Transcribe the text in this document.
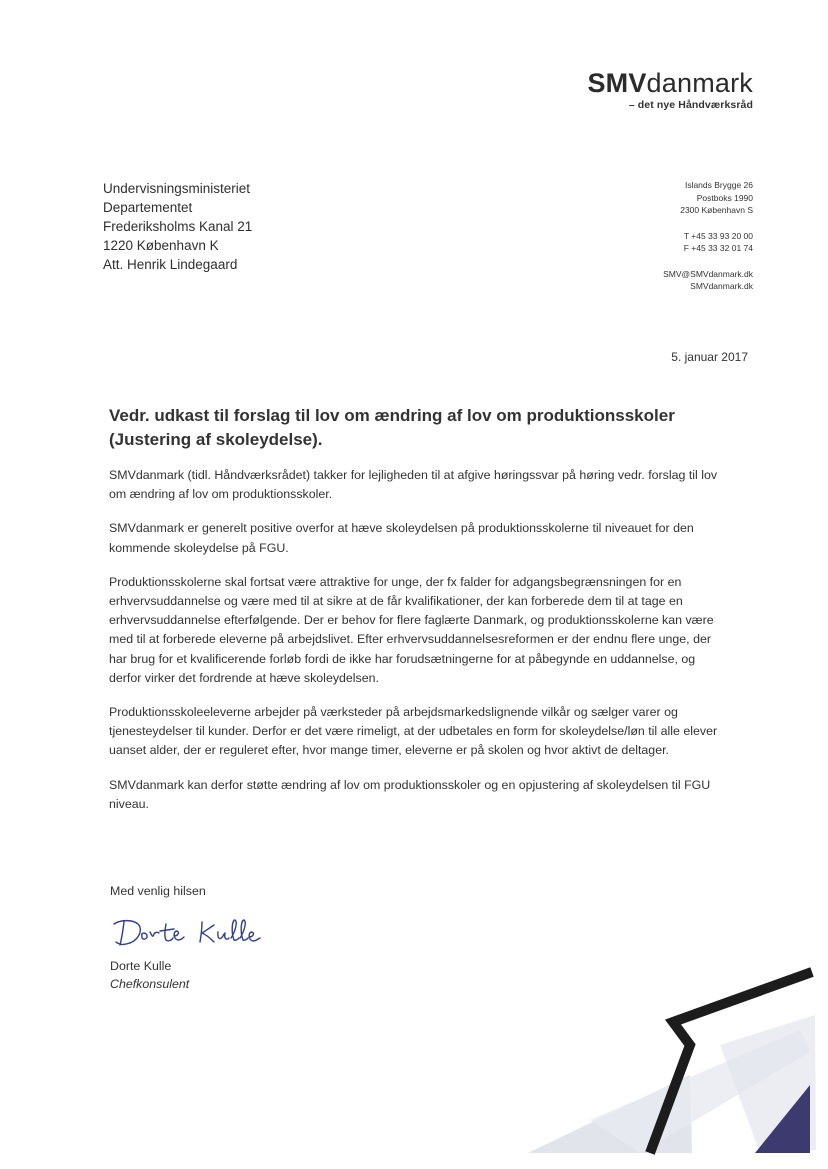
SMVdanmark
– det nye Håndværksråd
Undervisningsministeriet
Departementet
Frederiksholms Kanal 21
1220 København K
Att. Henrik Lindegaard
Islands Brygge 26
Postboks 1990
2300 København S
T +45 33 93 20 00
F +45 33 32 01 74
SMV@SMVdanmark.dk
SMVdanmark.dk
5. januar 2017
Vedr. udkast til forslag til lov om ændring af lov om produktionsskoler (Justering af skoleydelse).

SMVdanmark (tidl. Håndværksrådet) takker for lejligheden til at afgive høringssvar på høring vedr. forslag til lov om ændring af lov om produktionsskoler.

SMVdanmark er generelt positive overfor at hæve skoleydelsen på produktionsskolerne til niveauet for den kommende skoleydelse på FGU.

Produktionsskolerne skal fortsat være attraktive for unge, der fx falder for adgangsbegrænsningen for en erhvervsuddannelse og være med til at sikre at de får kvalifikationer, der kan forberede dem til at tage en erhvervsuddannelse efterfølgende. Der er behov for flere faglærte Danmark, og produktionsskolerne kan være med til at forberede eleverne på arbejdslivet. Efter erhvervsuddannelsesreformen er der endnu flere unge, der har brug for et kvalificerende forløb fordi de ikke har forudsætningerne for at påbegynde en uddannelse, og derfor virker det fordrende at hæve skoleydelsen.

Produktionsskoleeleverne arbejder på værksteder på arbejdsmarkedslignende vilkår og sælger varer og tjenesteydelser til kunder. Derfor er det være rimeligt, at der udbetales en form for skoleydelse/løn til alle elever uanset alder, der er reguleret efter, hvor mange timer, eleverne er på skolen og hvor aktivt de deltager.

SMVdanmark kan derfor støtte ændring af lov om produktionsskoler og en opjustering af skoleydelsen til FGU niveau.

Med venlig hilsen
Dorte Kulle
Chefkonsulent
